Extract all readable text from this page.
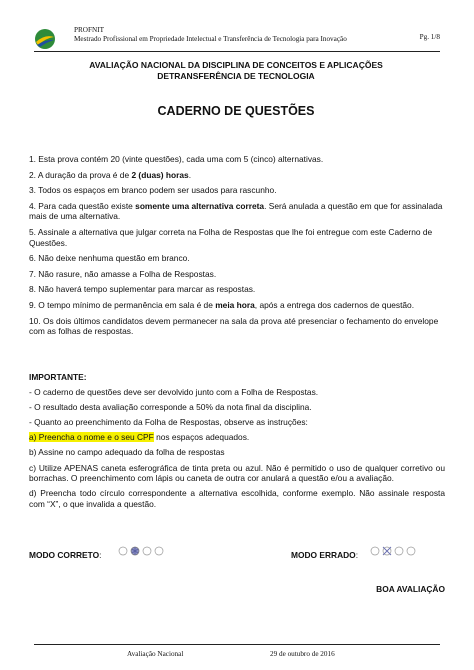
PROFNIT
Mestrado Profissional em Propriedade Intelectual e Transferência de Tecnologia para Inovação	Pg. 1/8
AVALIAÇÃO NACIONAL DA DISCIPLINA DE CONCEITOS E APLICAÇÕES
DETRANSFERÊNCIA DE TECNOLOGIA
CADERNO DE QUESTÕES
1. Esta prova contém 20 (vinte questões), cada uma com 5 (cinco) alternativas.
2. A duração da prova é de 2 (duas) horas.
3. Todos os espaços em branco podem ser usados para rascunho.
4. Para cada questão existe somente uma alternativa correta. Será anulada a questão em que for assinalada mais de uma alternativa.
5. Assinale a alternativa que julgar correta na Folha de Respostas que lhe foi entregue com este Caderno de Questões.
6. Não deixe nenhuma questão em branco.
7. Não rasure, não amasse a Folha de Respostas.
8. Não haverá tempo suplementar para marcar as respostas.
9. O tempo mínimo de permanência em sala é de meia hora, após a entrega dos cadernos de questão.
10. Os dois últimos candidatos devem permanecer na sala da prova até presenciar o fechamento do envelope com as folhas de respostas.
IMPORTANTE:
- O caderno de questões deve ser devolvido junto com a Folha de Respostas.
- O resultado desta avaliação corresponde a 50% da nota final da disciplina.
- Quanto ao preenchimento da Folha de Respostas, observe as instruções:
a) Preencha o nome e o seu CPF nos espaços adequados.
b) Assine no campo adequado da folha de respostas
c) Utilize APENAS caneta esferográfica de tinta preta ou azul. Não é permitido o uso de qualquer corretivo ou borrachas. O preenchimento com lápis ou caneta de outra cor anulará a questão e/ou a avaliação.
d) Preencha todo círculo correspondente a alternativa escolhida, conforme exemplo. Não assinale resposta com “X”, o que invalida a questão.
MODO CORRETO:	MODO ERRADO:
BOA AVALIAÇÃO
Avaliação Nacional	29 de outubro de 2016
